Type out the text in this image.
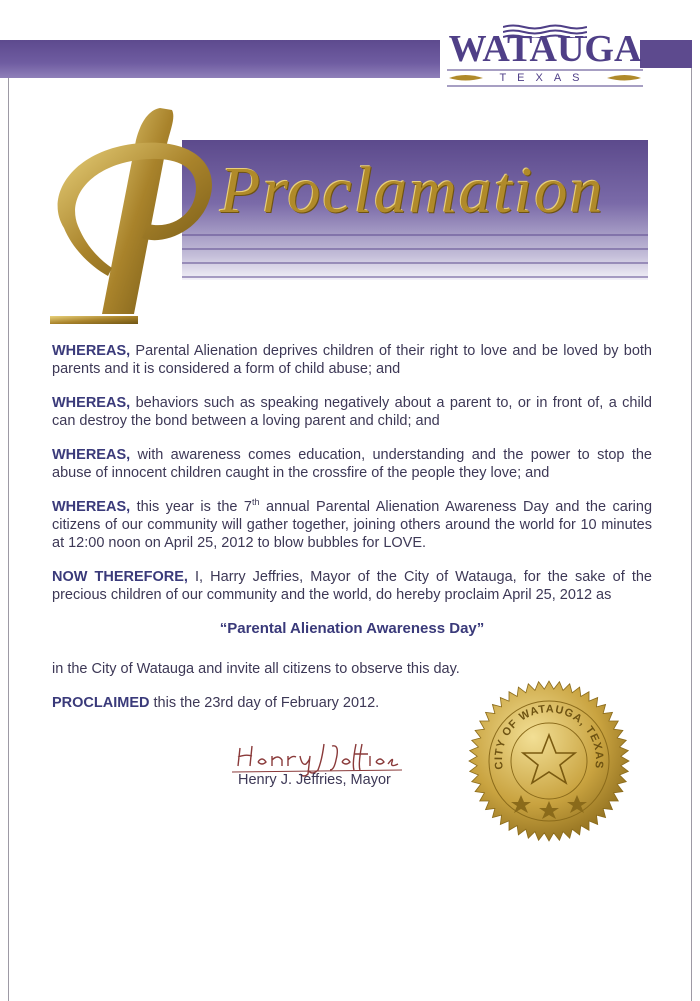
WATAUGA
TEXAS
Proclamation

WHEREAS, Parental Alienation deprives children of their right to love and be loved by both parents and it is considered a form of child abuse; and

WHEREAS, behaviors such as speaking negatively about a parent to, or in front of, a child can destroy the bond between a loving parent and child; and

WHEREAS, with awareness comes education, understanding and the power to stop the abuse of innocent children caught in the crossfire of the people they love; and

WHEREAS, this year is the 7th annual Parental Alienation Awareness Day and the caring citizens of our community will gather together, joining others around the world for 10 minutes at 12:00 noon on April 25, 2012 to blow bubbles for LOVE.

NOW THEREFORE, I, Harry Jeffries, Mayor of the City of Watauga, for the sake of the precious children of our community and the world, do hereby proclaim April 25, 2012 as

“Parental Alienation Awareness Day”

in the City of Watauga and invite all citizens to observe this day.

PROCLAIMED this the 23rd day of February 2012.

Henry J. Jeffries, Mayor
CITY OF WATAUGA, TEXAS
